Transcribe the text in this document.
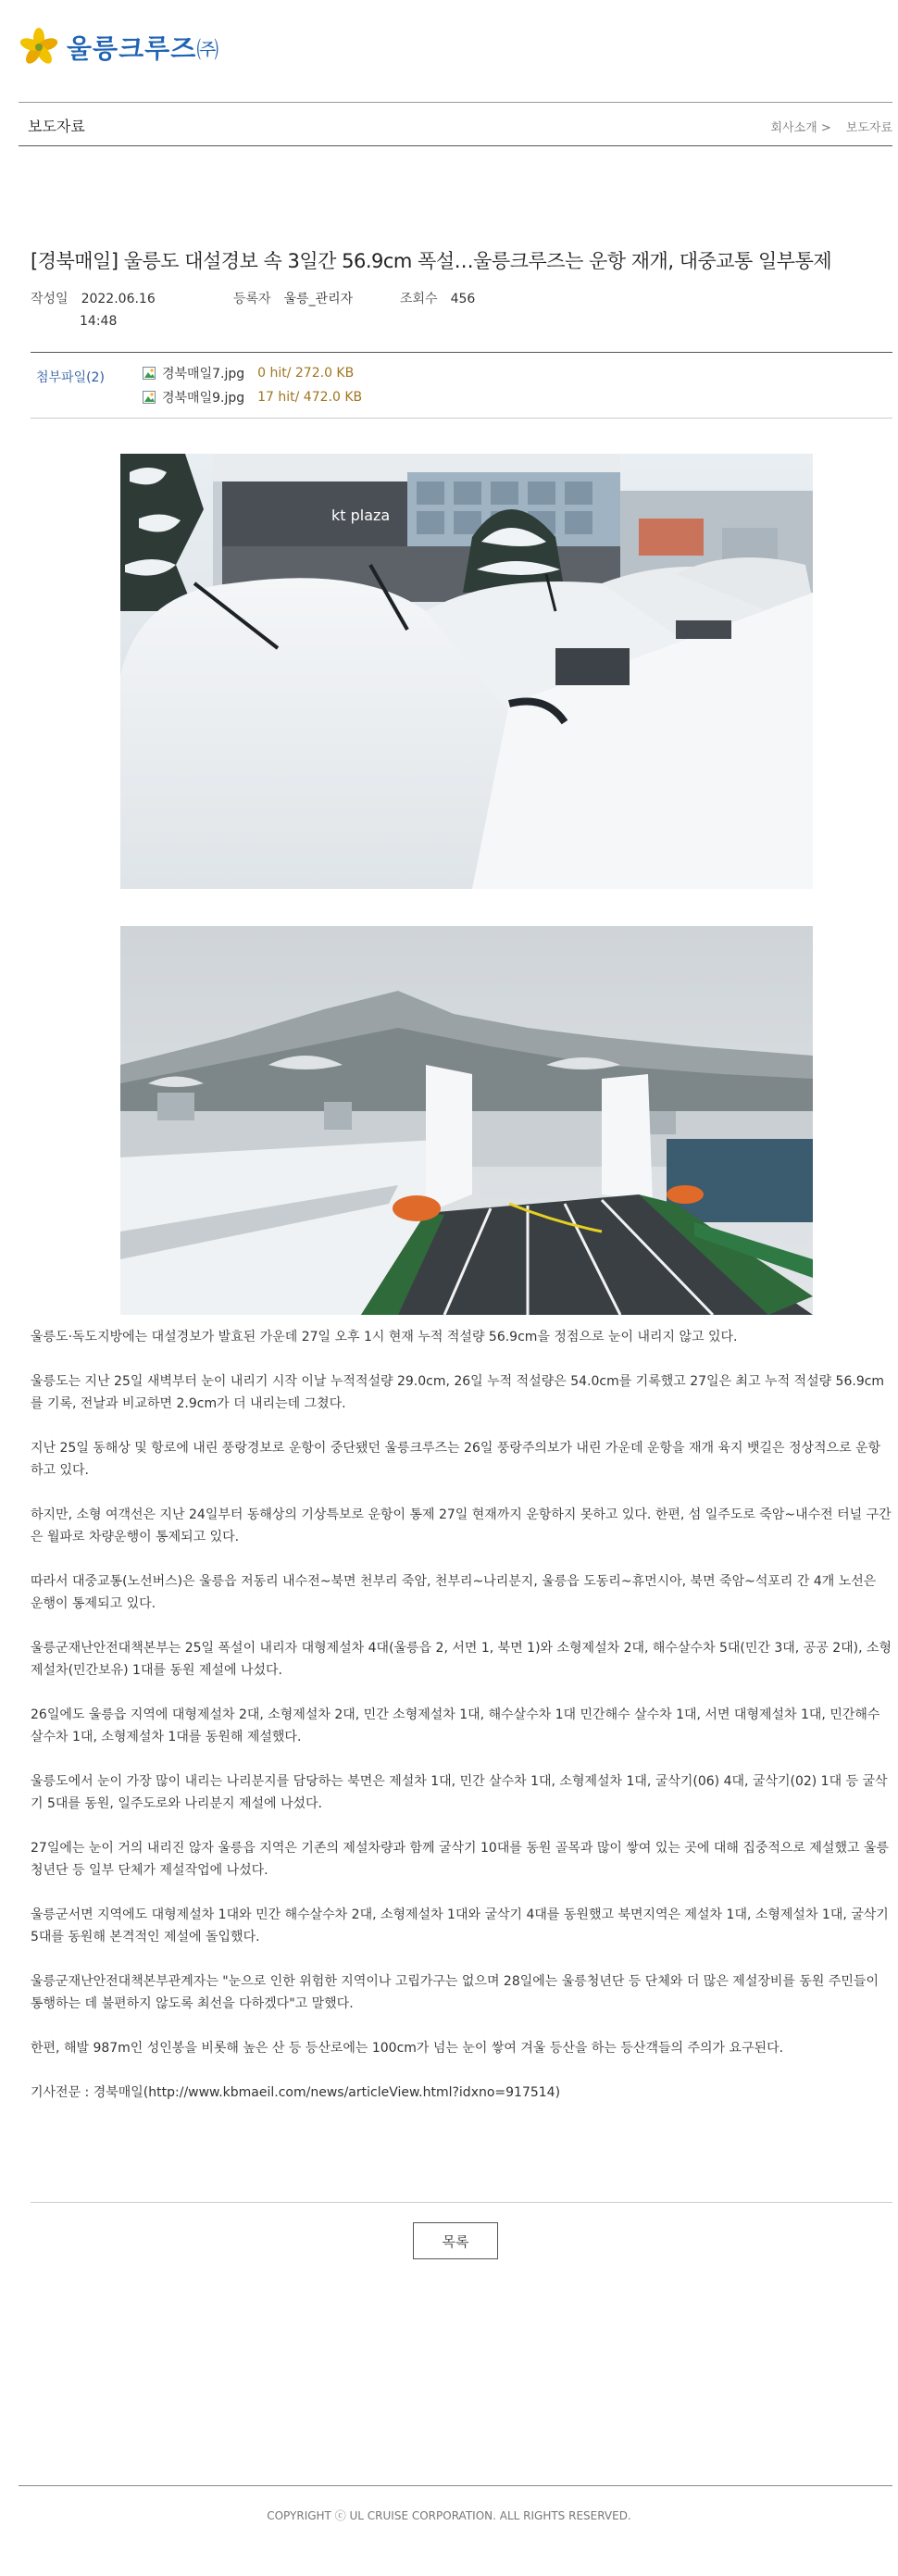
울릉크루즈㈜
보도자료	회사소개 > 보도자료
[경북매일] 울릉도 대설경보 속 3일간 56.9cm 폭설…울릉크루즈는 운항 재개, 대중교통 일부통제
작성일 2022.06.16
14:48
등록자 울릉_관리자	조회수 456
첨부파일(2)	경북매일7.jpg 0 hit/ 272.0 KB
경북매일9.jpg 17 hit/ 472.0 KB
kt plaza

울릉도·독도지방에는 대설경보가 발효된 가운데 27일 오후 1시 현재 누적 적설량 56.9cm을 정점으로 눈이 내리지 않고 있다.

울릉도는 지난 25일 새벽부터 눈이 내리기 시작 이날 누적적설량 29.0cm, 26일 누적 적설량은 54.0cm를 기록했고 27일은 최고 누적 적설량 56.9cm를 기록, 전날과 비교하면 2.9cm가 더 내리는데 그쳤다.

지난 25일 동해상 및 항로에 내린 풍랑경보로 운항이 중단됐던 울릉크루즈는 26일 풍랑주의보가 내린 가운데 운항을 재개 육지 뱃길은 정상적으로 운항하고 있다.

하지만, 소형 여객선은 지난 24일부터 동해상의 기상특보로 운항이 통제 27일 현재까지 운항하지 못하고 있다. 한편, 섬 일주도로 죽암~내수전 터널 구간은 월파로 차량운행이 통제되고 있다.

따라서 대중교통(노선버스)은 울릉읍 저동리 내수전~북면 천부리 죽암, 천부리~나리분지, 울릉읍 도동리~휴먼시아, 북면 죽암~석포리 간 4개 노선은 운행이 통제되고 있다.

울릉군재난안전대책본부는 25일 폭설이 내리자 대형제설차 4대(울릉읍 2, 서면 1, 북면 1)와 소형제설차 2대, 해수살수차 5대(민간 3대, 공공 2대), 소형제설차(민간보유) 1대를 동원 제설에 나섰다.

26일에도 울릉읍 지역에 대형제설차 2대, 소형제설차 2대, 민간 소형제설차 1대, 해수살수차 1대 민간해수 살수차 1대, 서면 대형제설차 1대, 민간해수 살수차 1대, 소형제설차 1대를 동원해 제설했다.

울릉도에서 눈이 가장 많이 내리는 나리분지를 담당하는 북면은 제설차 1대, 민간 살수차 1대, 소형제설차 1대, 굴삭기(06) 4대, 굴삭기(02) 1대 등 굴삭기 5대를 동원, 일주도로와 나리분지 제설에 나섰다.

27일에는 눈이 거의 내리진 않자 울릉읍 지역은 기존의 제설차량과 함께 굴삭기 10대를 동원 골목과 많이 쌓여 있는 곳에 대해 집중적으로 제설했고 울릉청년단 등 일부 단체가 제설작업에 나섰다.

울릉군서면 지역에도 대형제설차 1대와 민간 해수살수차 2대, 소형제설차 1대와 굴삭기 4대를 동원했고 북면지역은 제설차 1대, 소형제설차 1대, 굴삭기 5대를 동원해 본격적인 제설에 돌입했다.

울릉군재난안전대책본부관계자는 "눈으로 인한 위험한 지역이나 고립가구는 없으며 28일에는 울릉청년단 등 단체와 더 많은 제설장비를 동원 주민들이 통행하는 데 불편하지 않도록 최선을 다하겠다"고 말했다.

한편, 해발 987m인 성인봉을 비롯해 높은 산 등 등산로에는 100cm가 넘는 눈이 쌓여 겨울 등산을 하는 등산객들의 주의가 요구된다.

기사전문 : 경북매일(http://www.kbmaeil.com/news/articleView.html?idxno=917514)

목록
COPYRIGHT ⓒ UL CRUISE CORPORATION. ALL RIGHTS RESERVED.
